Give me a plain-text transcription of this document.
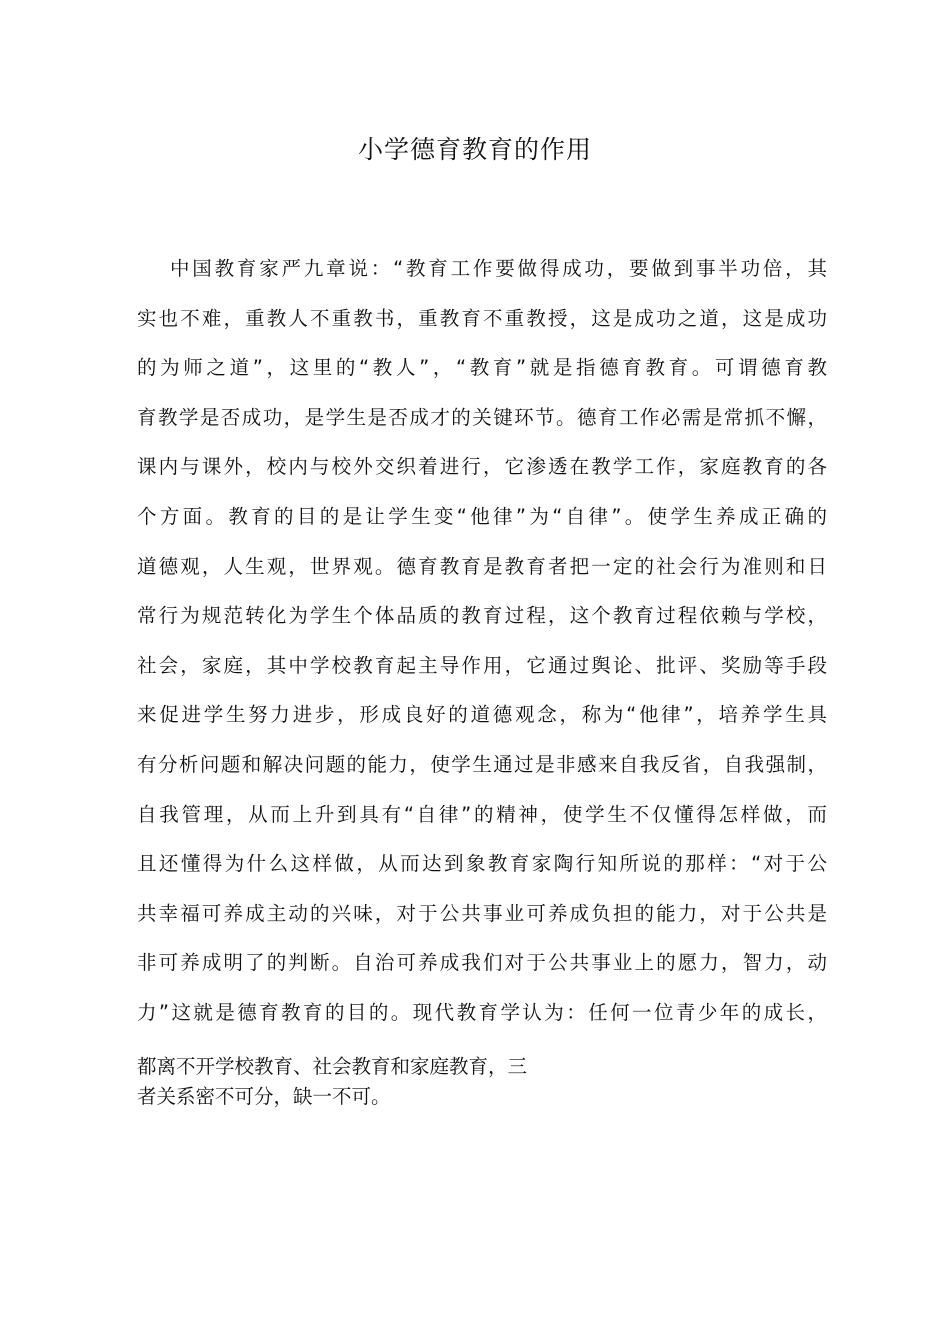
小学德育教育的作用
中国教育家严九章说：“教育工作要做得成功，要做到事半功倍，其
实也不难，重教人不重教书，重教育不重教授，这是成功之道，这是成功
的为师之道”，这里的“教人”，“教育”就是指德育教育。可谓德育教
育教学是否成功，是学生是否成才的关键环节。德育工作必需是常抓不懈，
课内与课外，校内与校外交织着进行，它渗透在教学工作，家庭教育的各
个方面。教育的目的是让学生变“他律”为“自律”。使学生养成正确的
道德观，人生观，世界观。德育教育是教育者把一定的社会行为准则和日
常行为规范转化为学生个体品质的教育过程，这个教育过程依赖与学校，
社会，家庭，其中学校教育起主导作用，它通过舆论、批评、奖励等手段
来促进学生努力进步，形成良好的道德观念，称为“他律”，培养学生具
有分析问题和解决问题的能力，使学生通过是非感来自我反省，自我强制，
自我管理，从而上升到具有“自律”的精神，使学生不仅懂得怎样做，而
且还懂得为什么这样做，从而达到象教育家陶行知所说的那样：“对于公
共幸福可养成主动的兴味，对于公共事业可养成负担的能力，对于公共是
非可养成明了的判断。自治可养成我们对于公共事业上的愿力，智力，动
力”这就是德育教育的目的。现代教育学认为：任何一位青少年的成长，
都离不开学校教育、社会教育和家庭教育，三
者关系密不可分，缺一不可。
